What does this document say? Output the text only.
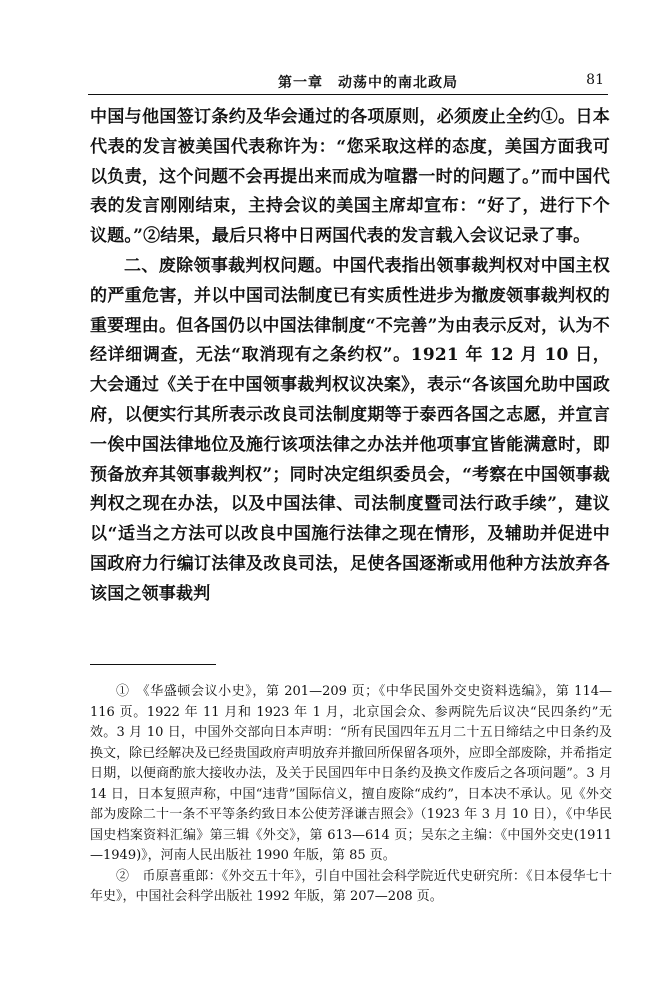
第一章　动荡中的南北政局	81

中国与他国签订条约及华会通过的各项原则，必须废止全约①。日本代表的发言被美国代表称许为：“您采取这样的态度，美国方面我可以负责，这个问题不会再提出来而成为喧嚣一时的问题了。”而中国代表的发言刚刚结束，主持会议的美国主席却宣布：“好了，进行下个议题。”②结果，最后只将中日两国代表的发言载入会议记录了事。

二、废除领事裁判权问题。中国代表指出领事裁判权对中国主权的严重危害，并以中国司法制度已有实质性进步为撤废领事裁判权的重要理由。但各国仍以中国法律制度“不完善”为由表示反对，认为不经详细调查，无法“取消现有之条约权”。1921 年 12 月 10 日，大会通过《关于在中国领事裁判权议决案》，表示“各该国允助中国政府，以便实行其所表示改良司法制度期等于泰西各国之志愿，并宣言一俟中国法律地位及施行该项法律之办法并他项事宜皆能满意时，即预备放弃其领事裁判权”；同时决定组织委员会，“考察在中国领事裁判权之现在办法，以及中国法律、司法制度暨司法行政手续”，建议以“适当之方法可以改良中国施行法律之现在情形，及辅助并促进中国政府力行编订法律及改良司法，足使各国逐渐或用他种方法放弃各该国之领事裁判

①　《华盛顿会议小史》，第 201—209 页；《中华民国外交史资料选编》，第 114—116 页。1922 年 11 月和 1923 年 1 月，北京国会众、参两院先后议决“民四条约”无效。3 月 10 日，中国外交部向日本声明：“所有民国四年五月二十五日缔结之中日条约及换文，除已经解决及已经贵国政府声明放弃并撤回所保留各项外，应即全部废除，并希指定日期，以便商酌旅大接收办法，及关于民国四年中日条约及换文作废后之各项问题”。3 月 14 日，日本复照声称，中国“违背”国际信义，擅自废除“成约”，日本决不承认。见《外交部为废除二十一条不平等条约致日本公使芳泽谦吉照会》（1923 年 3 月 10 日），《中华民国史档案资料汇编》第三辑《外交》，第 613—614 页；吴东之主编：《中国外交史(1911—1949)》，河南人民出版社 1990 年版，第 85 页。

②　币原喜重郎：《外交五十年》，引自中国社会科学院近代史研究所：《日本侵华七十年史》，中国社会科学出版社 1992 年版，第 207—208 页。
